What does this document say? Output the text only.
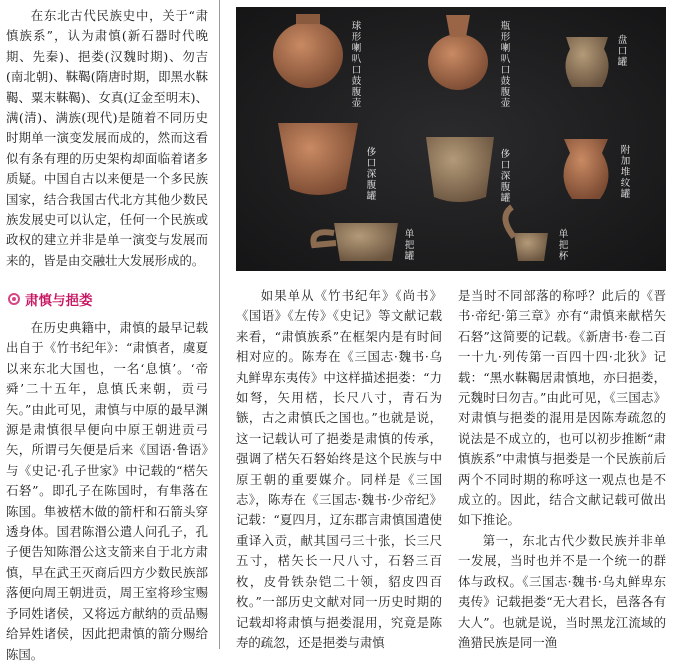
在东北古代民族史中，关于“肃慎族系”，认为肃慎(新石器时代晚期、先秦)、挹娄(汉魏时期)、勿吉(南北朝)、靺鞨(隋唐时期，即黑水靺鞨、粟末靺鞨)、女真(辽金至明末)、满(清)、满族(现代)是随着不同历史时期单一演变发展而成的，然而这看似有条有理的历史架构却面临着诸多质疑。中国自古以来便是一个多民族国家，结合我国古代北方其他少数民族发展史可以认定，任何一个民族或政权的建立并非是单一演变与发展而来的，皆是由交融壮大发展形成的。

肃慎与挹娄

在历史典籍中，肃慎的最早记载出自于《竹书纪年》：“肃慎者，虞夏以来东北大国也，一名‘息慎’。‘帝舜’二十五年，息慎氏来朝，贡弓矢。”由此可见，肃慎与中原的最早渊源是肃慎很早便向中原王朝进贡弓矢，所谓弓矢便是后来《国语·鲁语》与《史记·孔子世家》中记载的“楛矢石砮”。即孔子在陈国时，有隼落在陈国。隼被楛木做的箭杆和石箭头穿透身体。国君陈湣公遣人问孔子，孔子便告知陈湣公这支箭来自于北方肃慎，早在武王灭商后四方少数民族部落便向周王朝进贡，周王室将珍宝赐予同姓诸侯，又将远方献纳的贡品赐给异姓诸侯，因此把肃慎的箭分赐给陈国。

球形喇叭口鼓腹壶
瓶形喇叭口鼓腹壶
盘口罐
侈口深腹罐
侈口深腹罐
附加堆纹罐
单把罐
单把杯

如果单从《竹书纪年》《尚书》《国语》《左传》《史记》等文献记载来看，“肃慎族系”在框架内是有时间相对应的。陈寿在《三国志·魏书·乌丸鲜卑东夷传》中这样描述挹娄：“力如弩，矢用楛，长尺八寸，青石为镞，古之肃慎氏之国也。”也就是说，这一记载认可了挹娄是肃慎的传承，强调了楛矢石砮始终是这个民族与中原王朝的重要媒介。同样是《三国志》，陈寿在《三国志·魏书·少帝纪》记载：“夏四月，辽东郡言肃慎国遣使重译入贡，献其国弓三十张，长三尺五寸，楛矢长一尺八寸，石砮三百枚，皮骨铁杂铠二十领，貂皮四百枚。”一部历史文献对同一历史时期的记载却将肃慎与挹娄混用，究竟是陈寿的疏忽，还是挹娄与肃慎

是当时不同部落的称呼？此后的《晋书·帝纪·第三章》亦有“肃慎来献楛矢石砮”这简要的记载。《新唐书·卷二百一十九·列传第一百四十四·北狄》记载：“黑水靺鞨居肃慎地，亦曰挹娄，元魏时曰勿吉。”由此可见，《三国志》对肃慎与挹娄的混用是因陈寿疏忽的说法是不成立的，也可以初步推断“肃慎族系”中肃慎与挹娄是一个民族前后两个不同时期的称呼这一观点也是不成立的。因此，结合文献记载可做出如下推论。

第一，东北古代少数民族并非单一发展，当时也并不是一个统一的群体与政权。《三国志·魏书·乌丸鲜卑东夷传》记载挹娄“无大君长，邑落各有大人”。也就是说，当时黑龙江流域的渔猎民族是同一渔
